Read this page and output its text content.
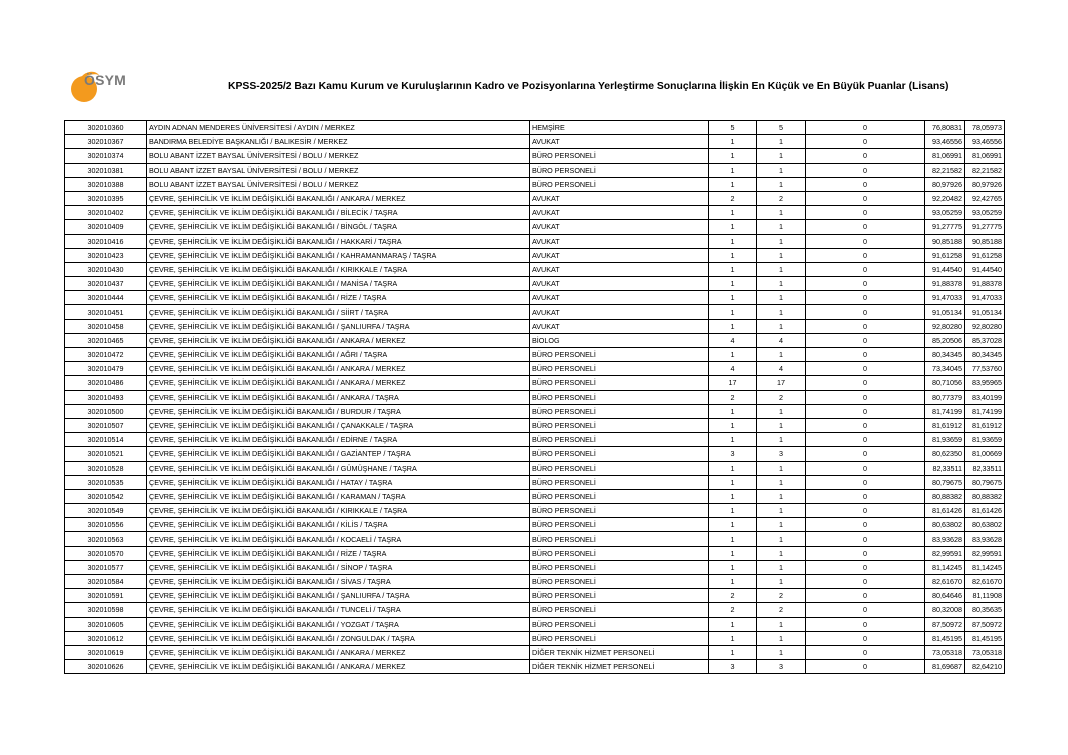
ÖSYM	KPSS-2025/2 Bazı Kamu Kurum ve Kuruluşlarının Kadro ve Pozisyonlarına Yerleştirme Sonuçlarına İlişkin En Küçük ve En Büyük Puanlar (Lisans)
302010360	AYDIN ADNAN MENDERES ÜNİVERSİTESİ / AYDIN / MERKEZ	HEMŞİRE	5	5	0	76,80831	78,05973
302010367	BANDIRMA BELEDİYE BAŞKANLIĞI / BALIKESİR / MERKEZ	AVUKAT	1	1	0	93,46556	93,46556
302010374	BOLU ABANT İZZET BAYSAL ÜNİVERSİTESİ / BOLU / MERKEZ	BÜRO PERSONELİ	1	1	0	81,06991	81,06991
302010381	BOLU ABANT İZZET BAYSAL ÜNİVERSİTESİ / BOLU / MERKEZ	BÜRO PERSONELİ	1	1	0	82,21582	82,21582
302010388	BOLU ABANT İZZET BAYSAL ÜNİVERSİTESİ / BOLU / MERKEZ	BÜRO PERSONELİ	1	1	0	80,97926	80,97926
302010395	ÇEVRE, ŞEHİRCİLİK VE İKLİM DEĞİŞİKLİĞİ BAKANLIĞI / ANKARA / MERKEZ	AVUKAT	2	2	0	92,20482	92,42765
302010402	ÇEVRE, ŞEHİRCİLİK VE İKLİM DEĞİŞİKLİĞİ BAKANLIĞI / BİLECİK / TAŞRA	AVUKAT	1	1	0	93,05259	93,05259
302010409	ÇEVRE, ŞEHİRCİLİK VE İKLİM DEĞİŞİKLİĞİ BAKANLIĞI / BİNGÖL / TAŞRA	AVUKAT	1	1	0	91,27775	91,27775
302010416	ÇEVRE, ŞEHİRCİLİK VE İKLİM DEĞİŞİKLİĞİ BAKANLIĞI / HAKKARİ / TAŞRA	AVUKAT	1	1	0	90,85188	90,85188
302010423	ÇEVRE, ŞEHİRCİLİK VE İKLİM DEĞİŞİKLİĞİ BAKANLIĞI / KAHRAMANMARAŞ / TAŞRA	AVUKAT	1	1	0	91,61258	91,61258
302010430	ÇEVRE, ŞEHİRCİLİK VE İKLİM DEĞİŞİKLİĞİ BAKANLIĞI / KIRIKKALE / TAŞRA	AVUKAT	1	1	0	91,44540	91,44540
302010437	ÇEVRE, ŞEHİRCİLİK VE İKLİM DEĞİŞİKLİĞİ BAKANLIĞI / MANİSA / TAŞRA	AVUKAT	1	1	0	91,88378	91,88378
302010444	ÇEVRE, ŞEHİRCİLİK VE İKLİM DEĞİŞİKLİĞİ BAKANLIĞI / RİZE / TAŞRA	AVUKAT	1	1	0	91,47033	91,47033
302010451	ÇEVRE, ŞEHİRCİLİK VE İKLİM DEĞİŞİKLİĞİ BAKANLIĞI / SİİRT / TAŞRA	AVUKAT	1	1	0	91,05134	91,05134
302010458	ÇEVRE, ŞEHİRCİLİK VE İKLİM DEĞİŞİKLİĞİ BAKANLIĞI / ŞANLIURFA / TAŞRA	AVUKAT	1	1	0	92,80280	92,80280
302010465	ÇEVRE, ŞEHİRCİLİK VE İKLİM DEĞİŞİKLİĞİ BAKANLIĞI / ANKARA / MERKEZ	BİOLOG	4	4	0	85,20506	85,37028
302010472	ÇEVRE, ŞEHİRCİLİK VE İKLİM DEĞİŞİKLİĞİ BAKANLIĞI / AĞRI / TAŞRA	BÜRO PERSONELİ	1	1	0	80,34345	80,34345
302010479	ÇEVRE, ŞEHİRCİLİK VE İKLİM DEĞİŞİKLİĞİ BAKANLIĞI / ANKARA / MERKEZ	BÜRO PERSONELİ	4	4	0	73,34045	77,53760
302010486	ÇEVRE, ŞEHİRCİLİK VE İKLİM DEĞİŞİKLİĞİ BAKANLIĞI / ANKARA / MERKEZ	BÜRO PERSONELİ	17	17	0	80,71056	83,95965
302010493	ÇEVRE, ŞEHİRCİLİK VE İKLİM DEĞİŞİKLİĞİ BAKANLIĞI / ANKARA / TAŞRA	BÜRO PERSONELİ	2	2	0	80,77379	83,40199
302010500	ÇEVRE, ŞEHİRCİLİK VE İKLİM DEĞİŞİKLİĞİ BAKANLIĞI / BURDUR / TAŞRA	BÜRO PERSONELİ	1	1	0	81,74199	81,74199
302010507	ÇEVRE, ŞEHİRCİLİK VE İKLİM DEĞİŞİKLİĞİ BAKANLIĞI / ÇANAKKALE / TAŞRA	BÜRO PERSONELİ	1	1	0	81,61912	81,61912
302010514	ÇEVRE, ŞEHİRCİLİK VE İKLİM DEĞİŞİKLİĞİ BAKANLIĞI / EDİRNE / TAŞRA	BÜRO PERSONELİ	1	1	0	81,93659	81,93659
302010521	ÇEVRE, ŞEHİRCİLİK VE İKLİM DEĞİŞİKLİĞİ BAKANLIĞI / GAZİANTEP / TAŞRA	BÜRO PERSONELİ	3	3	0	80,62350	81,00669
302010528	ÇEVRE, ŞEHİRCİLİK VE İKLİM DEĞİŞİKLİĞİ BAKANLIĞI / GÜMÜŞHANE / TAŞRA	BÜRO PERSONELİ	1	1	0	82,33511	82,33511
302010535	ÇEVRE, ŞEHİRCİLİK VE İKLİM DEĞİŞİKLİĞİ BAKANLIĞI / HATAY / TAŞRA	BÜRO PERSONELİ	1	1	0	80,79675	80,79675
302010542	ÇEVRE, ŞEHİRCİLİK VE İKLİM DEĞİŞİKLİĞİ BAKANLIĞI / KARAMAN / TAŞRA	BÜRO PERSONELİ	1	1	0	80,88382	80,88382
302010549	ÇEVRE, ŞEHİRCİLİK VE İKLİM DEĞİŞİKLİĞİ BAKANLIĞI / KIRIKKALE / TAŞRA	BÜRO PERSONELİ	1	1	0	81,61426	81,61426
302010556	ÇEVRE, ŞEHİRCİLİK VE İKLİM DEĞİŞİKLİĞİ BAKANLIĞI / KİLİS / TAŞRA	BÜRO PERSONELİ	1	1	0	80,63802	80,63802
302010563	ÇEVRE, ŞEHİRCİLİK VE İKLİM DEĞİŞİKLİĞİ BAKANLIĞI / KOCAELİ / TAŞRA	BÜRO PERSONELİ	1	1	0	83,93628	83,93628
302010570	ÇEVRE, ŞEHİRCİLİK VE İKLİM DEĞİŞİKLİĞİ BAKANLIĞI / RİZE / TAŞRA	BÜRO PERSONELİ	1	1	0	82,99591	82,99591
302010577	ÇEVRE, ŞEHİRCİLİK VE İKLİM DEĞİŞİKLİĞİ BAKANLIĞI / SİNOP / TAŞRA	BÜRO PERSONELİ	1	1	0	81,14245	81,14245
302010584	ÇEVRE, ŞEHİRCİLİK VE İKLİM DEĞİŞİKLİĞİ BAKANLIĞI / SİVAS / TAŞRA	BÜRO PERSONELİ	1	1	0	82,61670	82,61670
302010591	ÇEVRE, ŞEHİRCİLİK VE İKLİM DEĞİŞİKLİĞİ BAKANLIĞI / ŞANLIURFA / TAŞRA	BÜRO PERSONELİ	2	2	0	80,64646	81,11908
302010598	ÇEVRE, ŞEHİRCİLİK VE İKLİM DEĞİŞİKLİĞİ BAKANLIĞI / TUNCELİ / TAŞRA	BÜRO PERSONELİ	2	2	0	80,32008	80,35635
302010605	ÇEVRE, ŞEHİRCİLİK VE İKLİM DEĞİŞİKLİĞİ BAKANLIĞI / YOZGAT / TAŞRA	BÜRO PERSONELİ	1	1	0	87,50972	87,50972
302010612	ÇEVRE, ŞEHİRCİLİK VE İKLİM DEĞİŞİKLİĞİ BAKANLIĞI / ZONGULDAK / TAŞRA	BÜRO PERSONELİ	1	1	0	81,45195	81,45195
302010619	ÇEVRE, ŞEHİRCİLİK VE İKLİM DEĞİŞİKLİĞİ BAKANLIĞI / ANKARA / MERKEZ	DİĞER TEKNİK HİZMET PERSONELİ	1	1	0	73,05318	73,05318
302010626	ÇEVRE, ŞEHİRCİLİK VE İKLİM DEĞİŞİKLİĞİ BAKANLIĞI / ANKARA / MERKEZ	DİĞER TEKNİK HİZMET PERSONELİ	3	3	0	81,69687	82,64210
